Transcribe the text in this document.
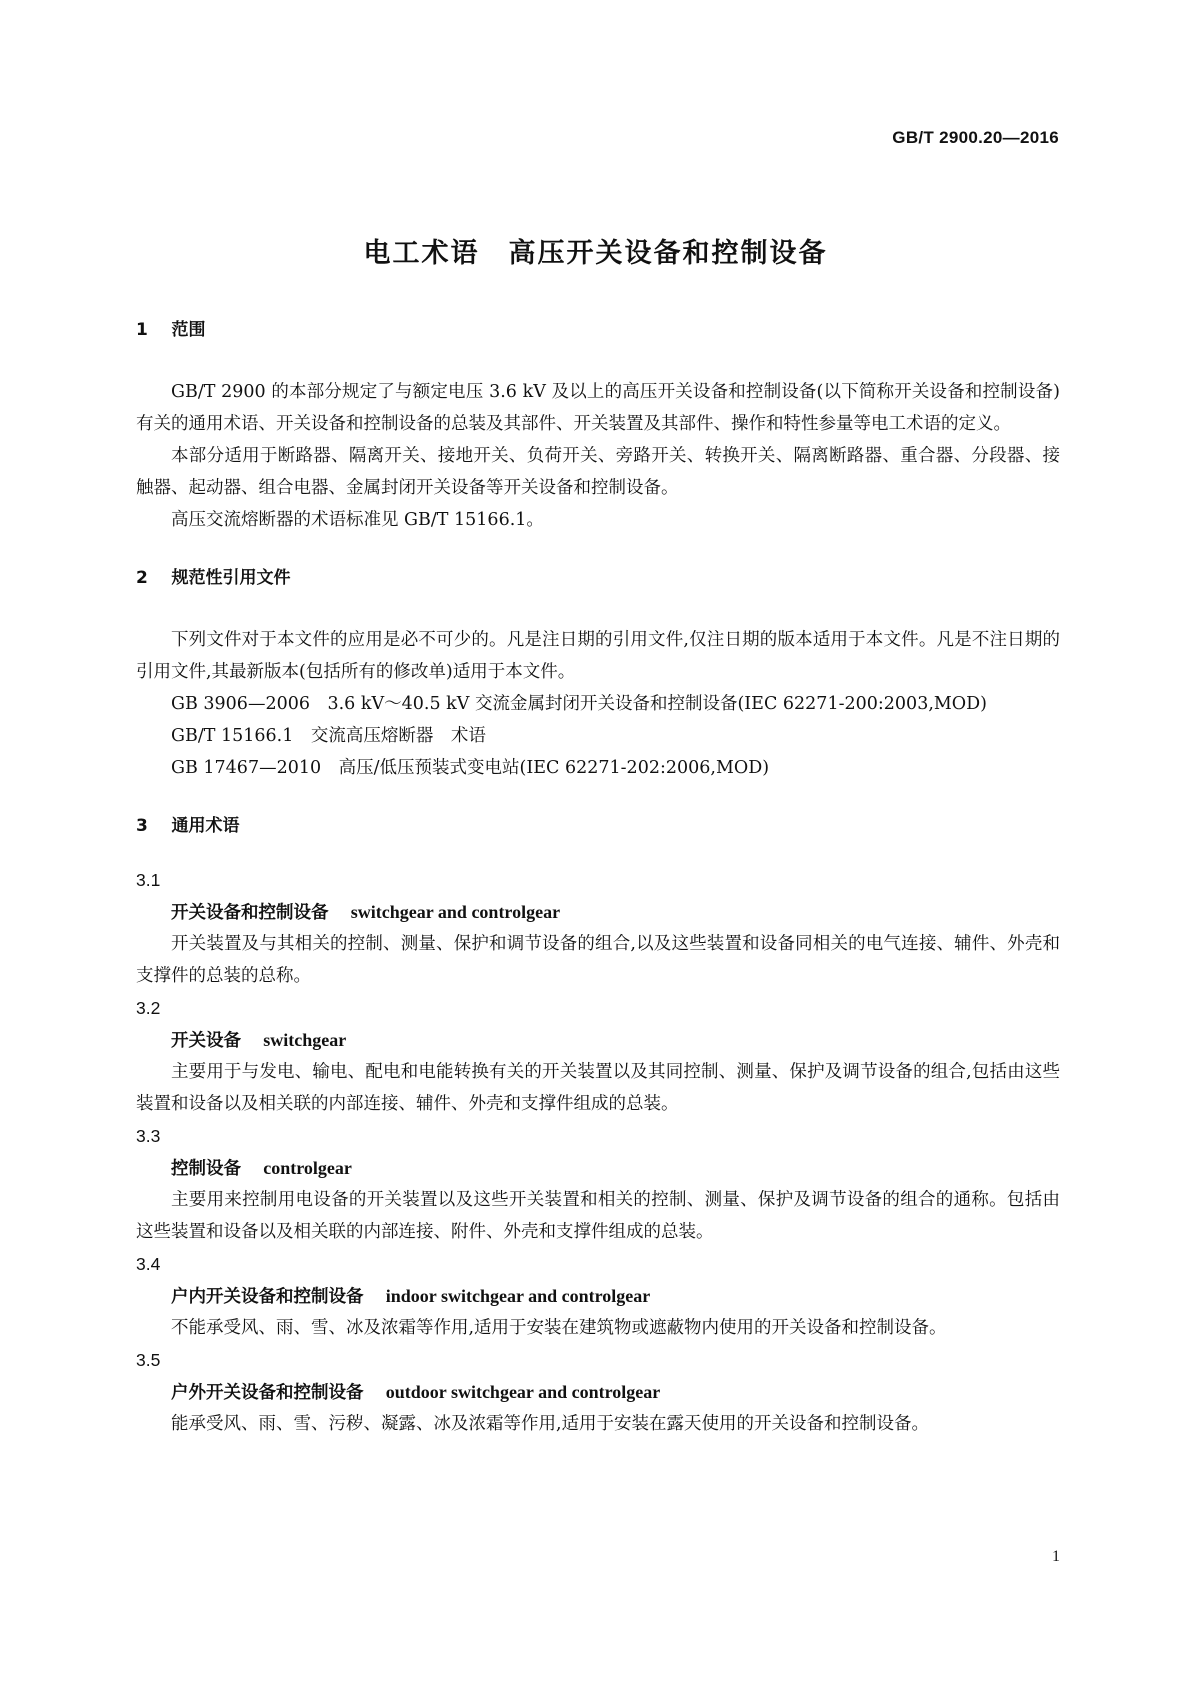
GB/T 2900.20—2016
电工术语　高压开关设备和控制设备
1 范围

GB/T 2900 的本部分规定了与额定电压 3.6 kV 及以上的高压开关设备和控制设备(以下简称开关设备和控制设备)有关的通用术语、开关设备和控制设备的总装及其部件、开关装置及其部件、操作和特性参量等电工术语的定义。

本部分适用于断路器、隔离开关、接地开关、负荷开关、旁路开关、转换开关、隔离断路器、重合器、分段器、接触器、起动器、组合电器、金属封闭开关设备等开关设备和控制设备。

高压交流熔断器的术语标准见 GB/T 15166.1。

2 规范性引用文件

下列文件对于本文件的应用是必不可少的。凡是注日期的引用文件,仅注日期的版本适用于本文件。凡是不注日期的引用文件,其最新版本(包括所有的修改单)适用于本文件。

GB 3906—2006　3.6 kV～40.5 kV 交流金属封闭开关设备和控制设备(IEC 62271-200:2003,MOD)

GB/T 15166.1　交流高压熔断器　术语

GB 17467—2010　高压/低压预装式变电站(IEC 62271-202:2006,MOD)

3 通用术语
3.1
开关设备和控制设备 switchgear and controlgear

开关装置及与其相关的控制、测量、保护和调节设备的组合,以及这些装置和设备同相关的电气连接、辅件、外壳和支撑件的总装的总称。

3.2
开关设备 switchgear

主要用于与发电、输电、配电和电能转换有关的开关装置以及其同控制、测量、保护及调节设备的组合,包括由这些装置和设备以及相关联的内部连接、辅件、外壳和支撑件组成的总装。

3.3
控制设备 controlgear

主要用来控制用电设备的开关装置以及这些开关装置和相关的控制、测量、保护及调节设备的组合的通称。包括由这些装置和设备以及相关联的内部连接、附件、外壳和支撑件组成的总装。

3.4
户内开关设备和控制设备 indoor switchgear and controlgear

不能承受风、雨、雪、冰及浓霜等作用,适用于安装在建筑物或遮蔽物内使用的开关设备和控制设备。

3.5
户外开关设备和控制设备 outdoor switchgear and controlgear

能承受风、雨、雪、污秽、凝露、冰及浓霜等作用,适用于安装在露天使用的开关设备和控制设备。

1
